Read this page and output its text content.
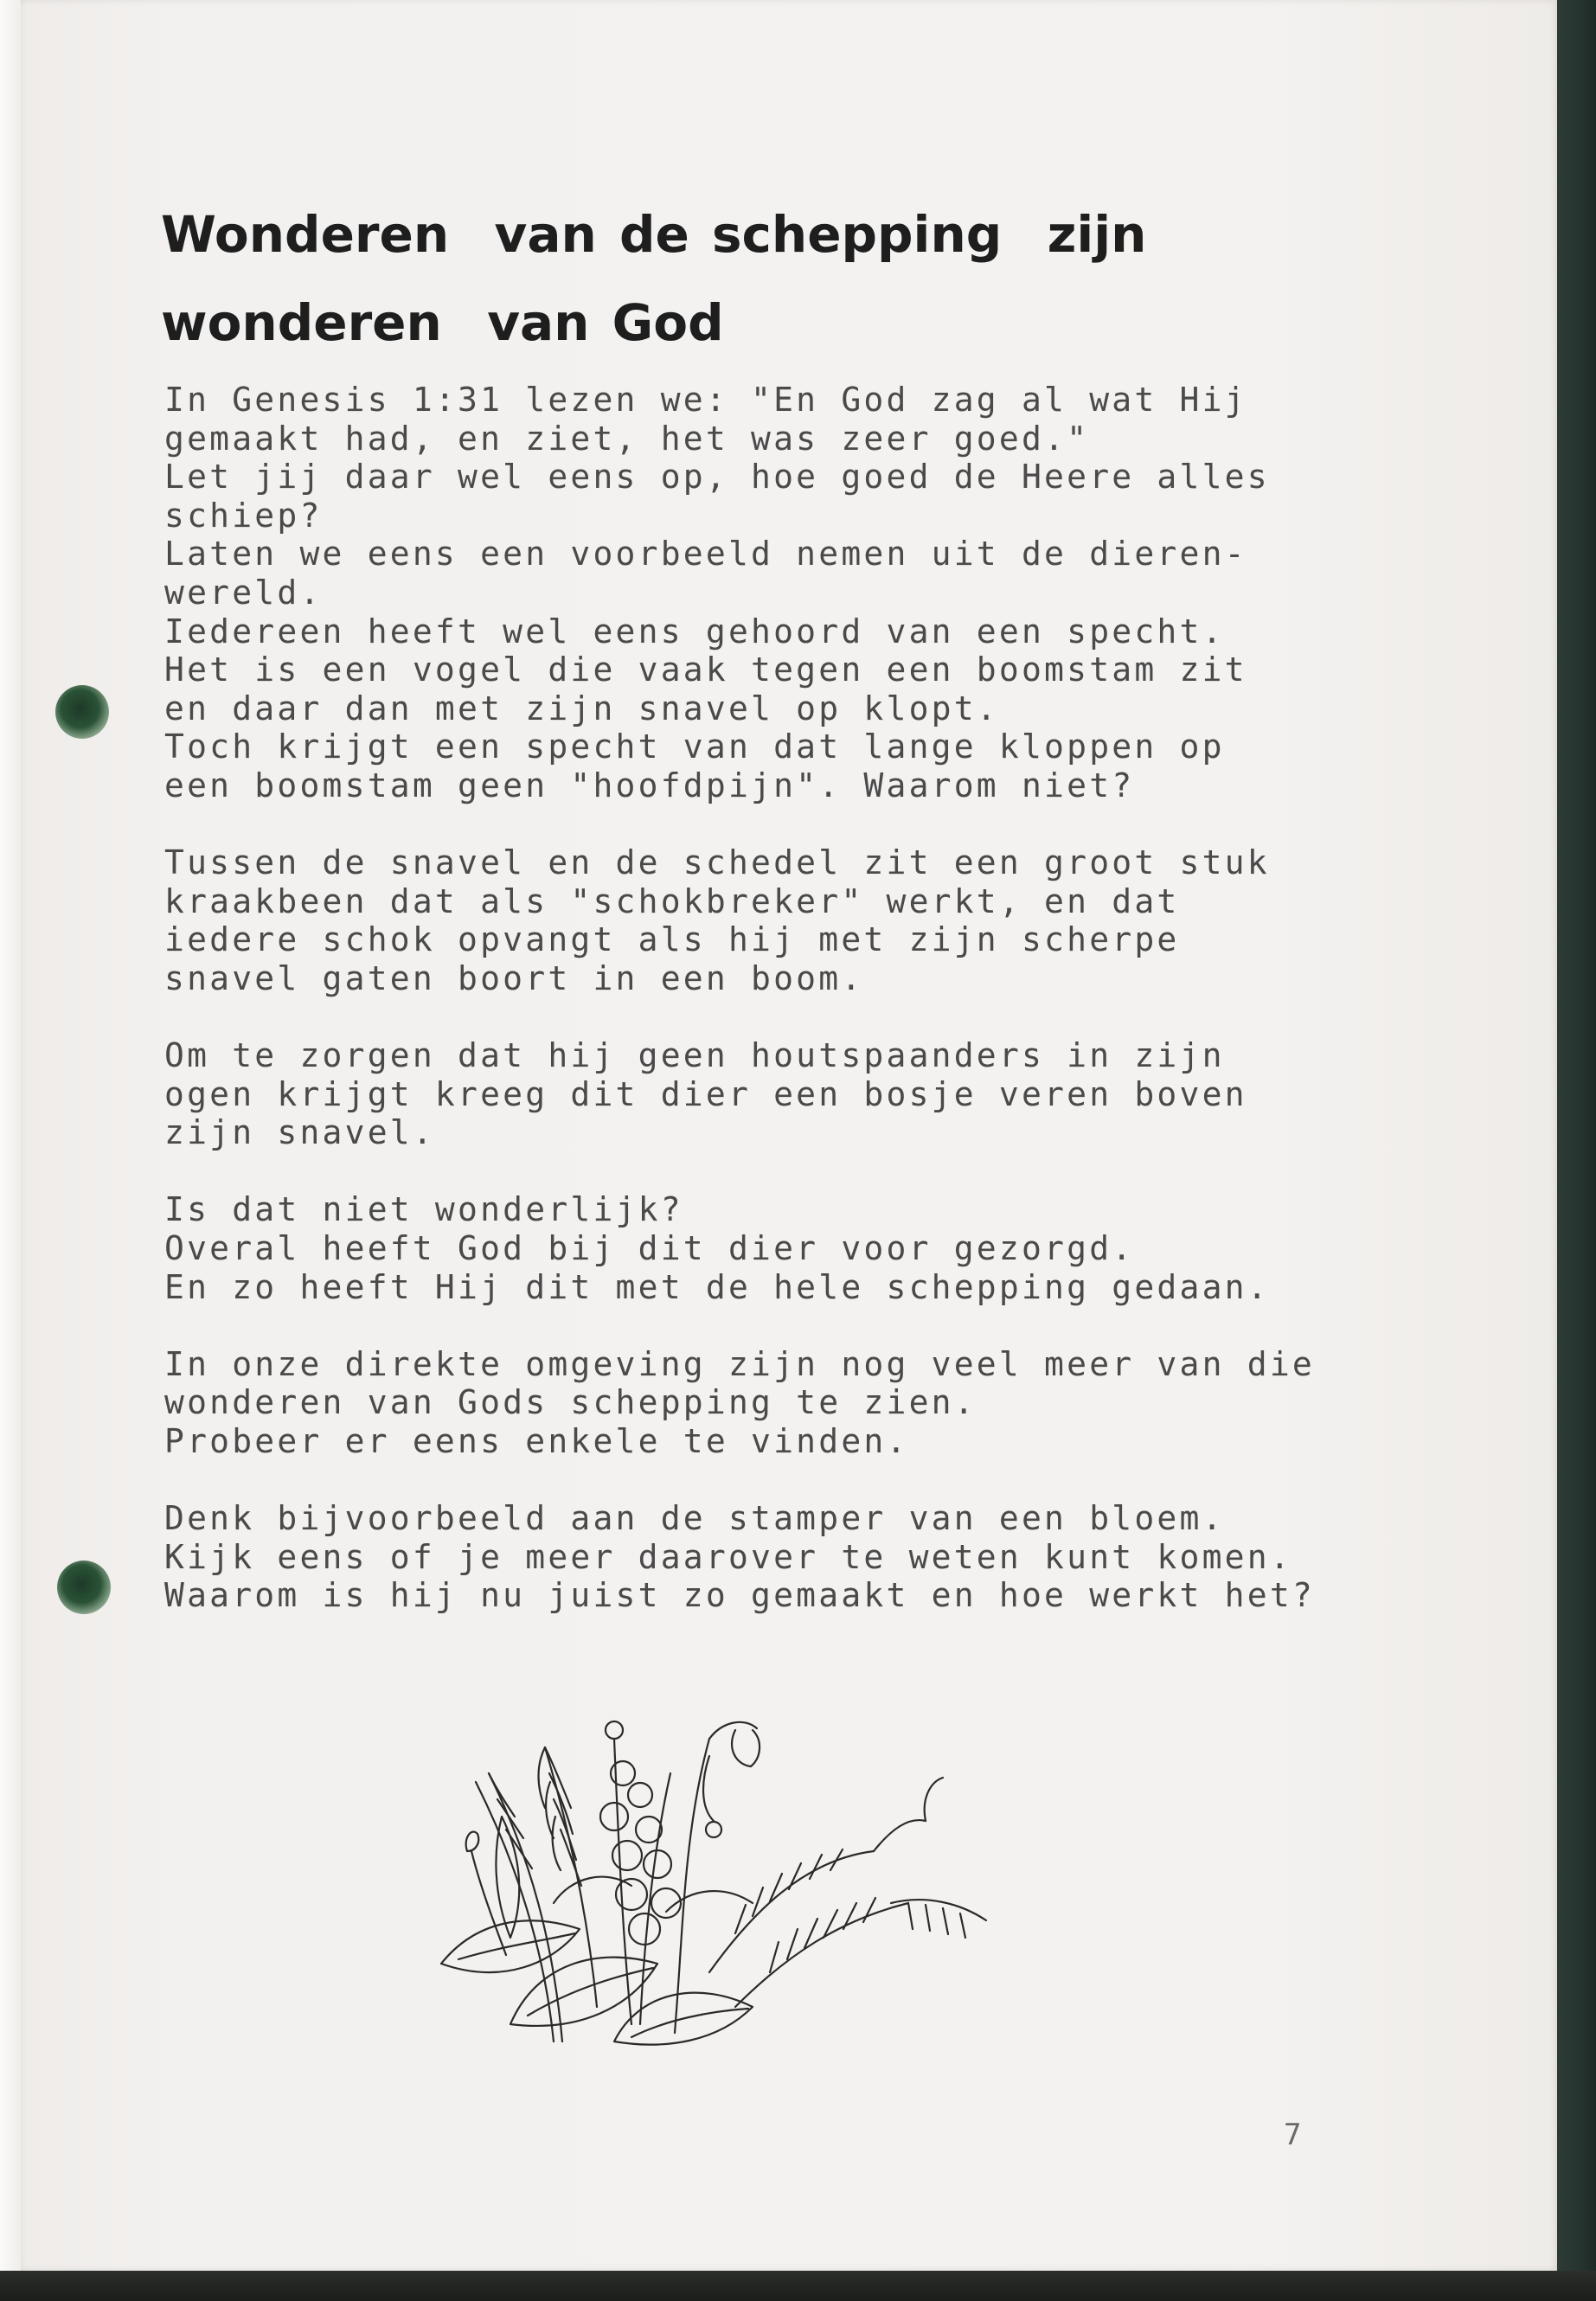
Wonderen  van de schepping  zijn
wonderen  van God

In Genesis 1:31 lezen we: "En God zag al wat Hij
gemaakt had, en ziet, het was zeer goed."
Let jij daar wel eens op, hoe goed de Heere alles
schiep?
Laten we eens een voorbeeld nemen uit de dieren-
wereld.
Iedereen heeft wel eens gehoord van een specht.
Het is een vogel die vaak tegen een boomstam zit
en daar dan met zijn snavel op klopt.
Toch krijgt een specht van dat lange kloppen op
een boomstam geen "hoofdpijn". Waarom niet?

Tussen de snavel en de schedel zit een groot stuk
kraakbeen dat als "schokbreker" werkt, en dat
iedere schok opvangt als hij met zijn scherpe
snavel gaten boort in een boom.

Om te zorgen dat hij geen houtspaanders in zijn
ogen krijgt kreeg dit dier een bosje veren boven
zijn snavel.

Is dat niet wonderlijk?
Overal heeft God bij dit dier voor gezorgd.
En zo heeft Hij dit met de hele schepping gedaan.

In onze direkte omgeving zijn nog veel meer van die
wonderen van Gods schepping te zien.
Probeer er eens enkele te vinden.

Denk bijvoorbeeld aan de stamper van een bloem.
Kijk eens of je meer daarover te weten kunt komen.
Waarom is hij nu juist zo gemaakt en hoe werkt het?

7
